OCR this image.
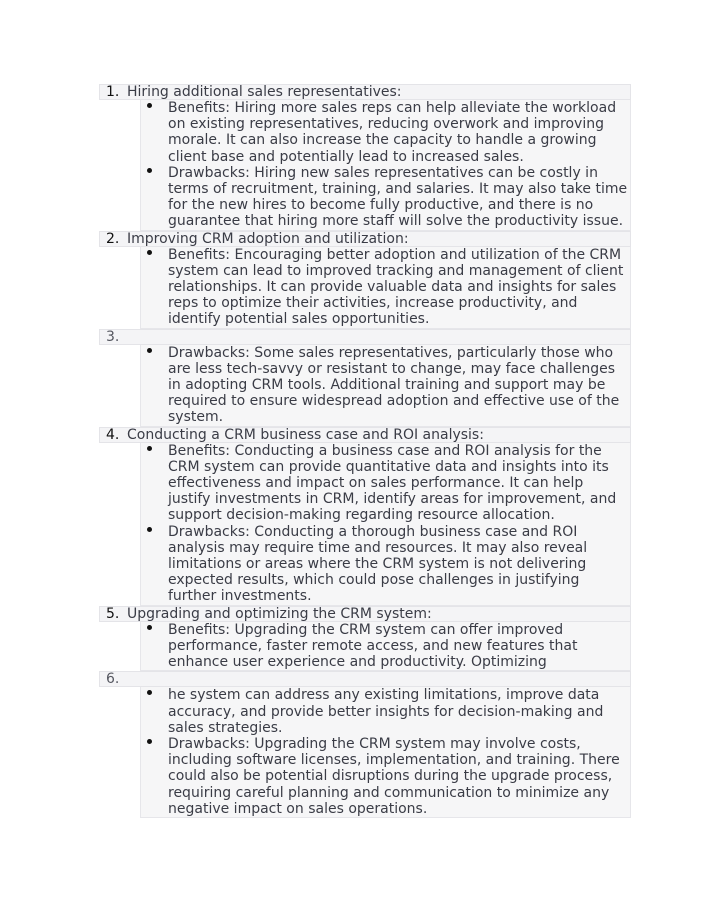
1. Hiring additional sales representatives:
Benefits: Hiring more sales reps can help alleviate the workload
on existing representatives, reducing overwork and improving
morale. It can also increase the capacity to handle a growing
client base and potentially lead to increased sales.
Drawbacks: Hiring new sales representatives can be costly in
terms of recruitment, training, and salaries. It may also take time
for the new hires to become fully productive, and there is no
guarantee that hiring more staff will solve the productivity issue.
2. Improving CRM adoption and utilization:
Benefits: Encouraging better adoption and utilization of the CRM
system can lead to improved tracking and management of client
relationships. It can provide valuable data and insights for sales
reps to optimize their activities, increase productivity, and
identify potential sales opportunities.
3.
Drawbacks: Some sales representatives, particularly those who
are less tech-savvy or resistant to change, may face challenges
in adopting CRM tools. Additional training and support may be
required to ensure widespread adoption and effective use of the
system.
4. Conducting a CRM business case and ROI analysis:
Benefits: Conducting a business case and ROI analysis for the
CRM system can provide quantitative data and insights into its
effectiveness and impact on sales performance. It can help
justify investments in CRM, identify areas for improvement, and
support decision-making regarding resource allocation.
Drawbacks: Conducting a thorough business case and ROI
analysis may require time and resources. It may also reveal
limitations or areas where the CRM system is not delivering
expected results, which could pose challenges in justifying
further investments.
5. Upgrading and optimizing the CRM system:
Benefits: Upgrading the CRM system can offer improved
performance, faster remote access, and new features that
enhance user experience and productivity. Optimizing
6.
he system can address any existing limitations, improve data
accuracy, and provide better insights for decision-making and
sales strategies.
Drawbacks: Upgrading the CRM system may involve costs,
including software licenses, implementation, and training. There
could also be potential disruptions during the upgrade process,
requiring careful planning and communication to minimize any
negative impact on sales operations.
